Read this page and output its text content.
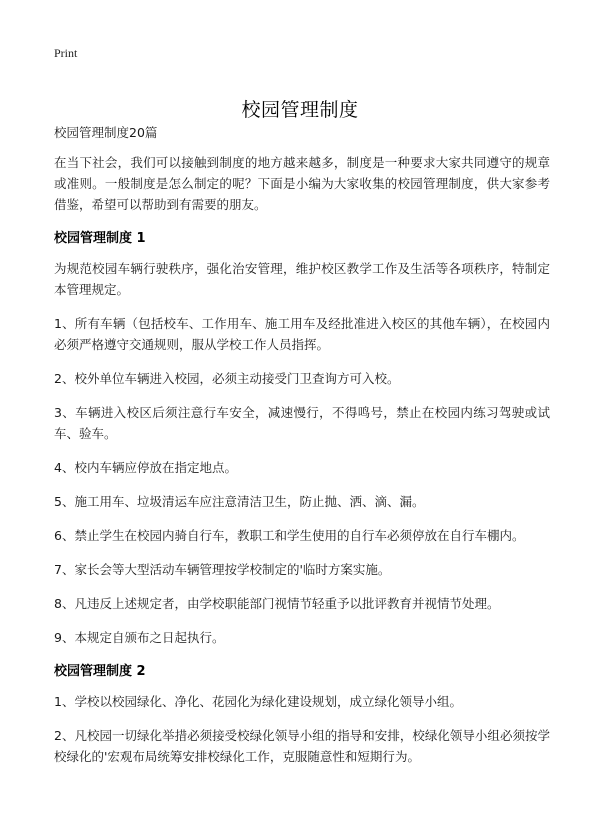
Print
校园管理制度

校园管理制度20篇

在当下社会，我们可以接触到制度的地方越来越多，制度是一种要求大家共同遵守的规章或准则。一般制度是怎么制定的呢？下面是小编为大家收集的校园管理制度，供大家参考借鉴，希望可以帮助到有需要的朋友。

校园管理制度 1

为规范校园车辆行驶秩序，强化治安管理，维护校区教学工作及生活等各项秩序，特制定本管理规定。

1、所有车辆（包括校车、工作用车、施工用车及经批准进入校区的其他车辆），在校园内必须严格遵守交通规则，服从学校工作人员指挥。

2、校外单位车辆进入校园，必须主动接受门卫查询方可入校。

3、车辆进入校区后须注意行车安全，减速慢行，不得鸣号，禁止在校园内练习驾驶或试车、验车。

4、校内车辆应停放在指定地点。

5、施工用车、垃圾清运车应注意清洁卫生，防止抛、洒、滴、漏。

6、禁止学生在校园内骑自行车，教职工和学生使用的自行车必须停放在自行车棚内。

7、家长会等大型活动车辆管理按学校制定的'临时方案实施。

8、凡违反上述规定者，由学校职能部门视情节轻重予以批评教育并视情节处理。

9、本规定自颁布之日起执行。

校园管理制度 2

1、学校以校园绿化、净化、花园化为绿化建设规划，成立绿化领导小组。

2、凡校园一切绿化举措必须接受校绿化领导小组的指导和安排，校绿化领导小组必须按学校绿化的'宏观布局统筹安排校绿化工作，克服随意性和短期行为。
